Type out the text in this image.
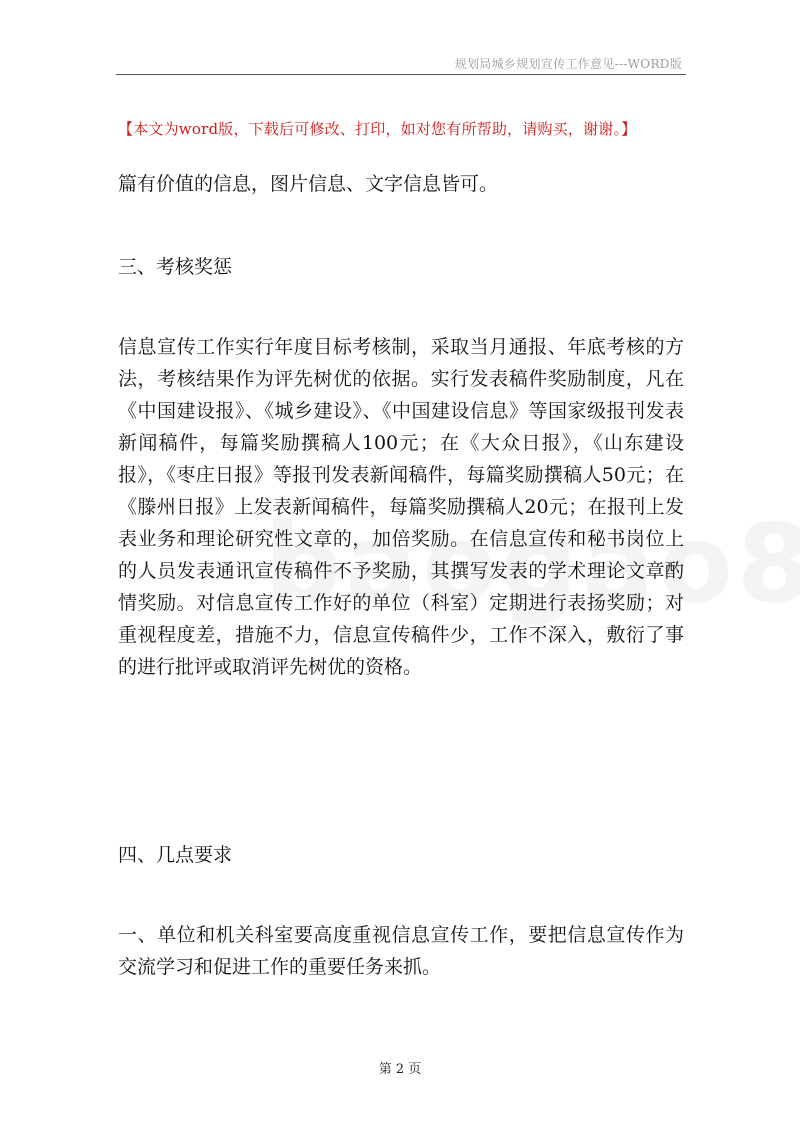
规划局城乡规划宣传工作意见---WORD版
【本文为word版，下载后可修改、打印，如对您有所帮助，请购买，谢谢。】

篇有价值的信息，图片信息、文字信息皆可。

三、考核奖惩

信息宣传工作实行年度目标考核制，采取当月通报、年底考核的方法，考核结果作为评先树优的依据。实行发表稿件奖励制度，凡在《中国建设报》、《城乡建设》、《中国建设信息》等国家级报刊发表新闻稿件，每篇奖励撰稿人100元；在《大众日报》，《山东建设报》，《枣庄日报》等报刊发表新闻稿件，每篇奖励撰稿人50元；在《滕州日报》上发表新闻稿件，每篇奖励撰稿人20元；在报刊上发表业务和理论研究性文章的，加倍奖励。在信息宣传和秘书岗位上的人员发表通讯宣传稿件不予奖励，其撰写发表的学术理论文章酌情奖励。对信息宣传工作好的单位（科室）定期进行表扬奖励；对重视程度差，措施不力，信息宣传稿件少，工作不深入，敷衍了事的进行批评或取消评先树优的资格。

四、几点要求

一、单位和机关科室要高度重视信息宣传工作，要把信息宣传作为交流学习和促进工作的重要任务来抓。

第 2 页
